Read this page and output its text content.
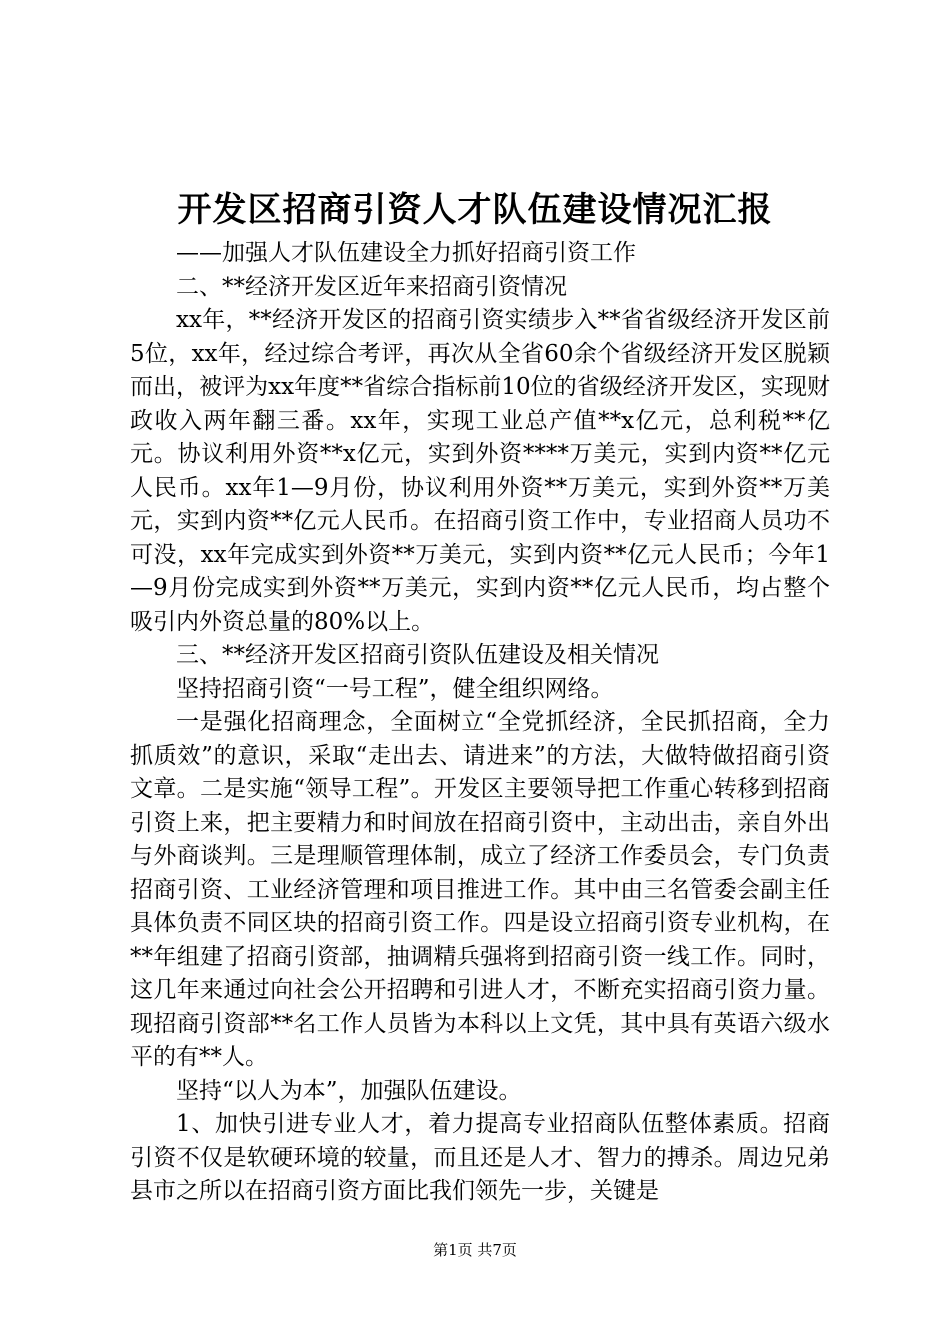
开发区招商引资人才队伍建设情况汇报

——加强人才队伍建设全力抓好招商引资工作

二、**经济开发区近年来招商引资情况

xx年，**经济开发区的招商引资实绩步入**省省级经济开发区前5位，xx年，经过综合考评，再次从全省60余个省级经济开发区脱颖而出，被评为xx年度**省综合指标前10位的省级经济开发区，实现财政收入两年翻三番。xx年，实现工业总产值**x亿元，总利税**亿元。协议利用外资**x亿元，实到外资****万美元，实到内资**亿元人民币。xx年1—9月份，协议利用外资**万美元，实到外资**万美元，实到内资**亿元人民币。在招商引资工作中，专业招商人员功不可没，xx年完成实到外资**万美元，实到内资**亿元人民币；今年1—9月份完成实到外资**万美元，实到内资**亿元人民币，均占整个吸引内外资总量的80%以上。

三、**经济开发区招商引资队伍建设及相关情况

坚持招商引资“一号工程”，健全组织网络。

一是强化招商理念，全面树立“全党抓经济，全民抓招商，全力抓质效”的意识，采取“走出去、请进来”的方法，大做特做招商引资文章。二是实施“领导工程”。开发区主要领导把工作重心转移到招商引资上来，把主要精力和时间放在招商引资中，主动出击，亲自外出与外商谈判。三是理顺管理体制，成立了经济工作委员会，专门负责招商引资、工业经济管理和项目推进工作。其中由三名管委会副主任具体负责不同区块的招商引资工作。四是设立招商引资专业机构，在**年组建了招商引资部，抽调精兵强将到招商引资一线工作。同时，这几年来通过向社会公开招聘和引进人才，不断充实招商引资力量。现招商引资部**名工作人员皆为本科以上文凭，其中具有英语六级水平的有**人。

坚持“以人为本”，加强队伍建设。

1、加快引进专业人才，着力提高专业招商队伍整体素质。招商引资不仅是软硬环境的较量，而且还是人才、智力的搏杀。周边兄弟县市之所以在招商引资方面比我们领先一步，关键是

第1页 共7页
